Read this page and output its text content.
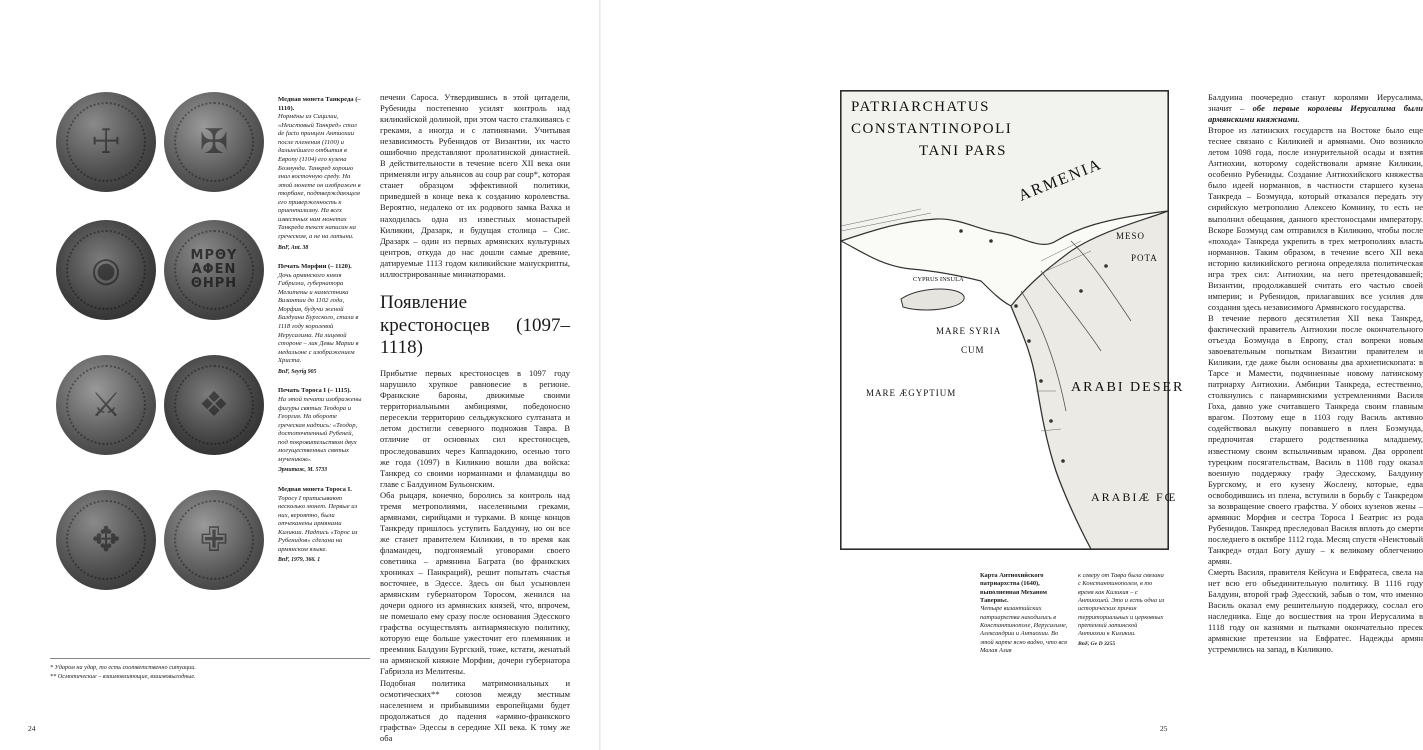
☩	✠
◉	ΜΡΘΥ
ΑΦΕΝ
ΘΗΡΗ
⚔	❖
✥	✙
Медная монета Танкреда (– 1110).
Нормёны из Сицилии, «Неистовый Танкред» стал de facto принцем Антиохии после пленения (1100) и дальнейшего отбытия в Европу (1104) его кузена Боэмунда. Танкред хорошо знал восточную среду. На этой монете он изображен в тюрбане, подтверждающем его приверженность к ориентализму. На всех известных нам монетах Танкреда текст написан на греческом, а не на латыни.
BnF, Ant. 38
Печать Морфии (– 1120).
Дочь армянского князя Габриэла, губернатора Мелитены и наместника Византии до 1102 года, Морфия, будучи женой Балдуина Бургского, стала в 1118 году королевой Иерусалима. На лицевой стороне – лик Девы Марии в медальоне с изображением Христа.
BnF, Seyrig 905
Печать Тороса I (– 1115).
На этой печати изображены фигуры святых Теодора и Георгия. На обороте греческая надпись: «Теодор, достопочтенный Рубеней, под покровительством двух могущественных святых мучеников».
Эрмитаж, М. 5733
Медная монета Тороса I.
Торосу I приписывают несколько монет. Первые из них, вероятно, были отчеканены армянами Киликии. Надпись «Торос из Рубенидов» сделана на армянском языке.
BnF, 1979, 366. 1

печени Сароса. Утвердившись в этой цитадели, Рубениды постепенно усилят контроль над киликийской долиной, при этом часто сталкиваясь с греками, а иногда и с латинянами. Учитывая независимость Рубенидов от Византии, их часто ошибочно представляют пролатинской династией. В действительности в течение всего XII века они применяли игру альянсов au coup par coup*, которая станет образцом эффективной политики, приведшей в конце века к созданию королевства. Вероятно, недалеко от их родового замка Вахка и находилась одна из известных монастырей Киликии, Дразарк, и будущая столица – Сис. Дразарк – один из первых армянских культурных центров, откуда до нас дошли самые древние, датируемые 1113 годом киликийские манускрипты, иллюстрированные миниатюрами.

Появление крестоносцев (1097–1118)

Прибытие первых крестоносцев в 1097 году нарушило хрупкое равновесие в регионе. Франкские бароны, движимые своими территориальными амбициями, победоносно пересекли территорию сельджукского султаната и летом достигли северного подножия Тавра. В отличие от основных сил крестоносцев, проследовавших через Каппадокию, осенью того же года (1097) в Киликию вошли два войска: Танкред со своими норманнами и фламандцы во главе с Балдуином Бульонским.

Оба рыцаря, конечно, боролись за контроль над тремя метрополиями, населенными греками, армянами, сирийцами и турками. В конце концов Танкреду пришлось уступить Балдуину, но он все же станет правителем Киликии, в то время как фламандец, подгоняемый уговорами своего советника – армянина Баграта (во франкских хрониках – Панкраций), решит попытать счастья восточнее, в Эдессе. Здесь он был усыновлен армянским губернатором Торосом, женился на дочери одного из армянских князей, что, впрочем, не помешало ему сразу после основания Эдесского графства осуществлять антиармянскую политику, которую еще больше ужесточит его племянник и преемник Балдуин Бургский, тоже, кстати, женатый на армянской княжне Морфии, дочери губернатора Габриэла из Мелитены.

Подобная политика матримониальных и осмотических** союзов между местным населением и прибывшими европейцами будет продолжаться до падения «армяно-франкского графства» Эдессы в середине XII века. К тому же оба

* Ударом на удар, то есть соответственно ситуации.
** Осмотические – взаимовлияющие, взаимовыгодные.
24

Балдуина поочередно станут королями Иерусалима, значит – обе первые королевы Иерусалима были армянскими княжнами.

Второе из латинских государств на Востоке было еще теснее связано с Киликией и армянами. Оно возникло летом 1098 года, после изнурительной осады и взятия Антиохии, которому содействовали армяне Киликии, особенно Рубениды. Создание Антиохийского княжества было идеей норманнов, в частности старшего кузена Танкреда – Боэмунда, который отказался передать эту сирийскую метрополию Алексею Комнину, то есть не выполнил обещания, данного крестоносцами императору. Вскоре Боэмунд сам отправился в Киликию, чтобы после «похода» Танкреда укрепить в трех метрополиях власть норманнов. Таким образом, в течение всего XII века историю киликийского региона определяла политическая игра трех сил: Антиохии, на него претендовавшей; Византии, продолжавшей считать его частью своей империи; и Рубенидов, прилагавших все усилия для создания здесь независимого Армянского государства.

В течение первого десятилетия XII века Танкред, фактический правитель Антиохии после окончательного отъезда Боэмунда в Европу, стал вопреки новым завоевательным попыткам Византии правителем и Киликии, где даже были основаны два архиепископата: в Тарсе и Мамести, подчиненные новому латинскому патриарху Антиохии. Амбиции Танкреда, естественно, столкнулись с панармянскими устремлениями Василя Гоха, давно уже считавшего Танкреда своим главным врагом. Поэтому еще в 1103 году Василь активно содействовал выкупу попавшего в плен Боэмунда, предпочитая старшего родственника младшему, известному своим вспыльчивым нравом. Два opponent турецким посягательствам, Василь в 1108 году оказал военную поддержку графу Эдесскому, Балдуину Бургскому, и его кузену Жослену, которые, едва освободившись из плена, вступили в борьбу с Танкредом за возвращение своего графства. У обоих кузенов жены – армянки: Морфия и сестра Тороса I Беатрис из рода Рубенидов. Танкред преследовал Василя вплоть до смерти последнего в октябре 1112 года. Месяц спустя «Неистовый Танкред» отдал Богу душу – к великому облегчению армян.

Смерть Василя, правителя Кейсуна и Евфратеса, свела на нет всю его объединительную политику. В 1116 году Балдуин, второй граф Эдесский, забыв о том, что именно Василь оказал ему решительную поддержку, сослал его наследника. Еще до восшествия на трон Иерусалима в 1118 году он казнями и пытками окончательно пресек армянские претензии на Евфратес. Надежды армян устремились на запад, в Киликию.

PATRIARCHATUS
CONSTANTINOPOLI
TANI PARS
ARMENIA
MESO
POTA
CYPRUS INSULA
MARE SYRIA
CUM
MARE ÆGYPTIUM	ARABI DESER
ARABIÆ FŒ
Карта Антиохийского патриархства (1640), выполненная Механом Таверньє.
Четыре византийских патриархства находились в Константинополе, Иерусалиме, Александрии и Антиохии. Во этой карте ясно видно, что вся Малая Азия
к северу от Тавра была связана с Константинополем, в то время как Киликия – с Антиохией. Это и есть одна из исторических причин территориальных и церковных претензий латинской Антиохии к Киликии.
BnF, Ge D 3255
25
